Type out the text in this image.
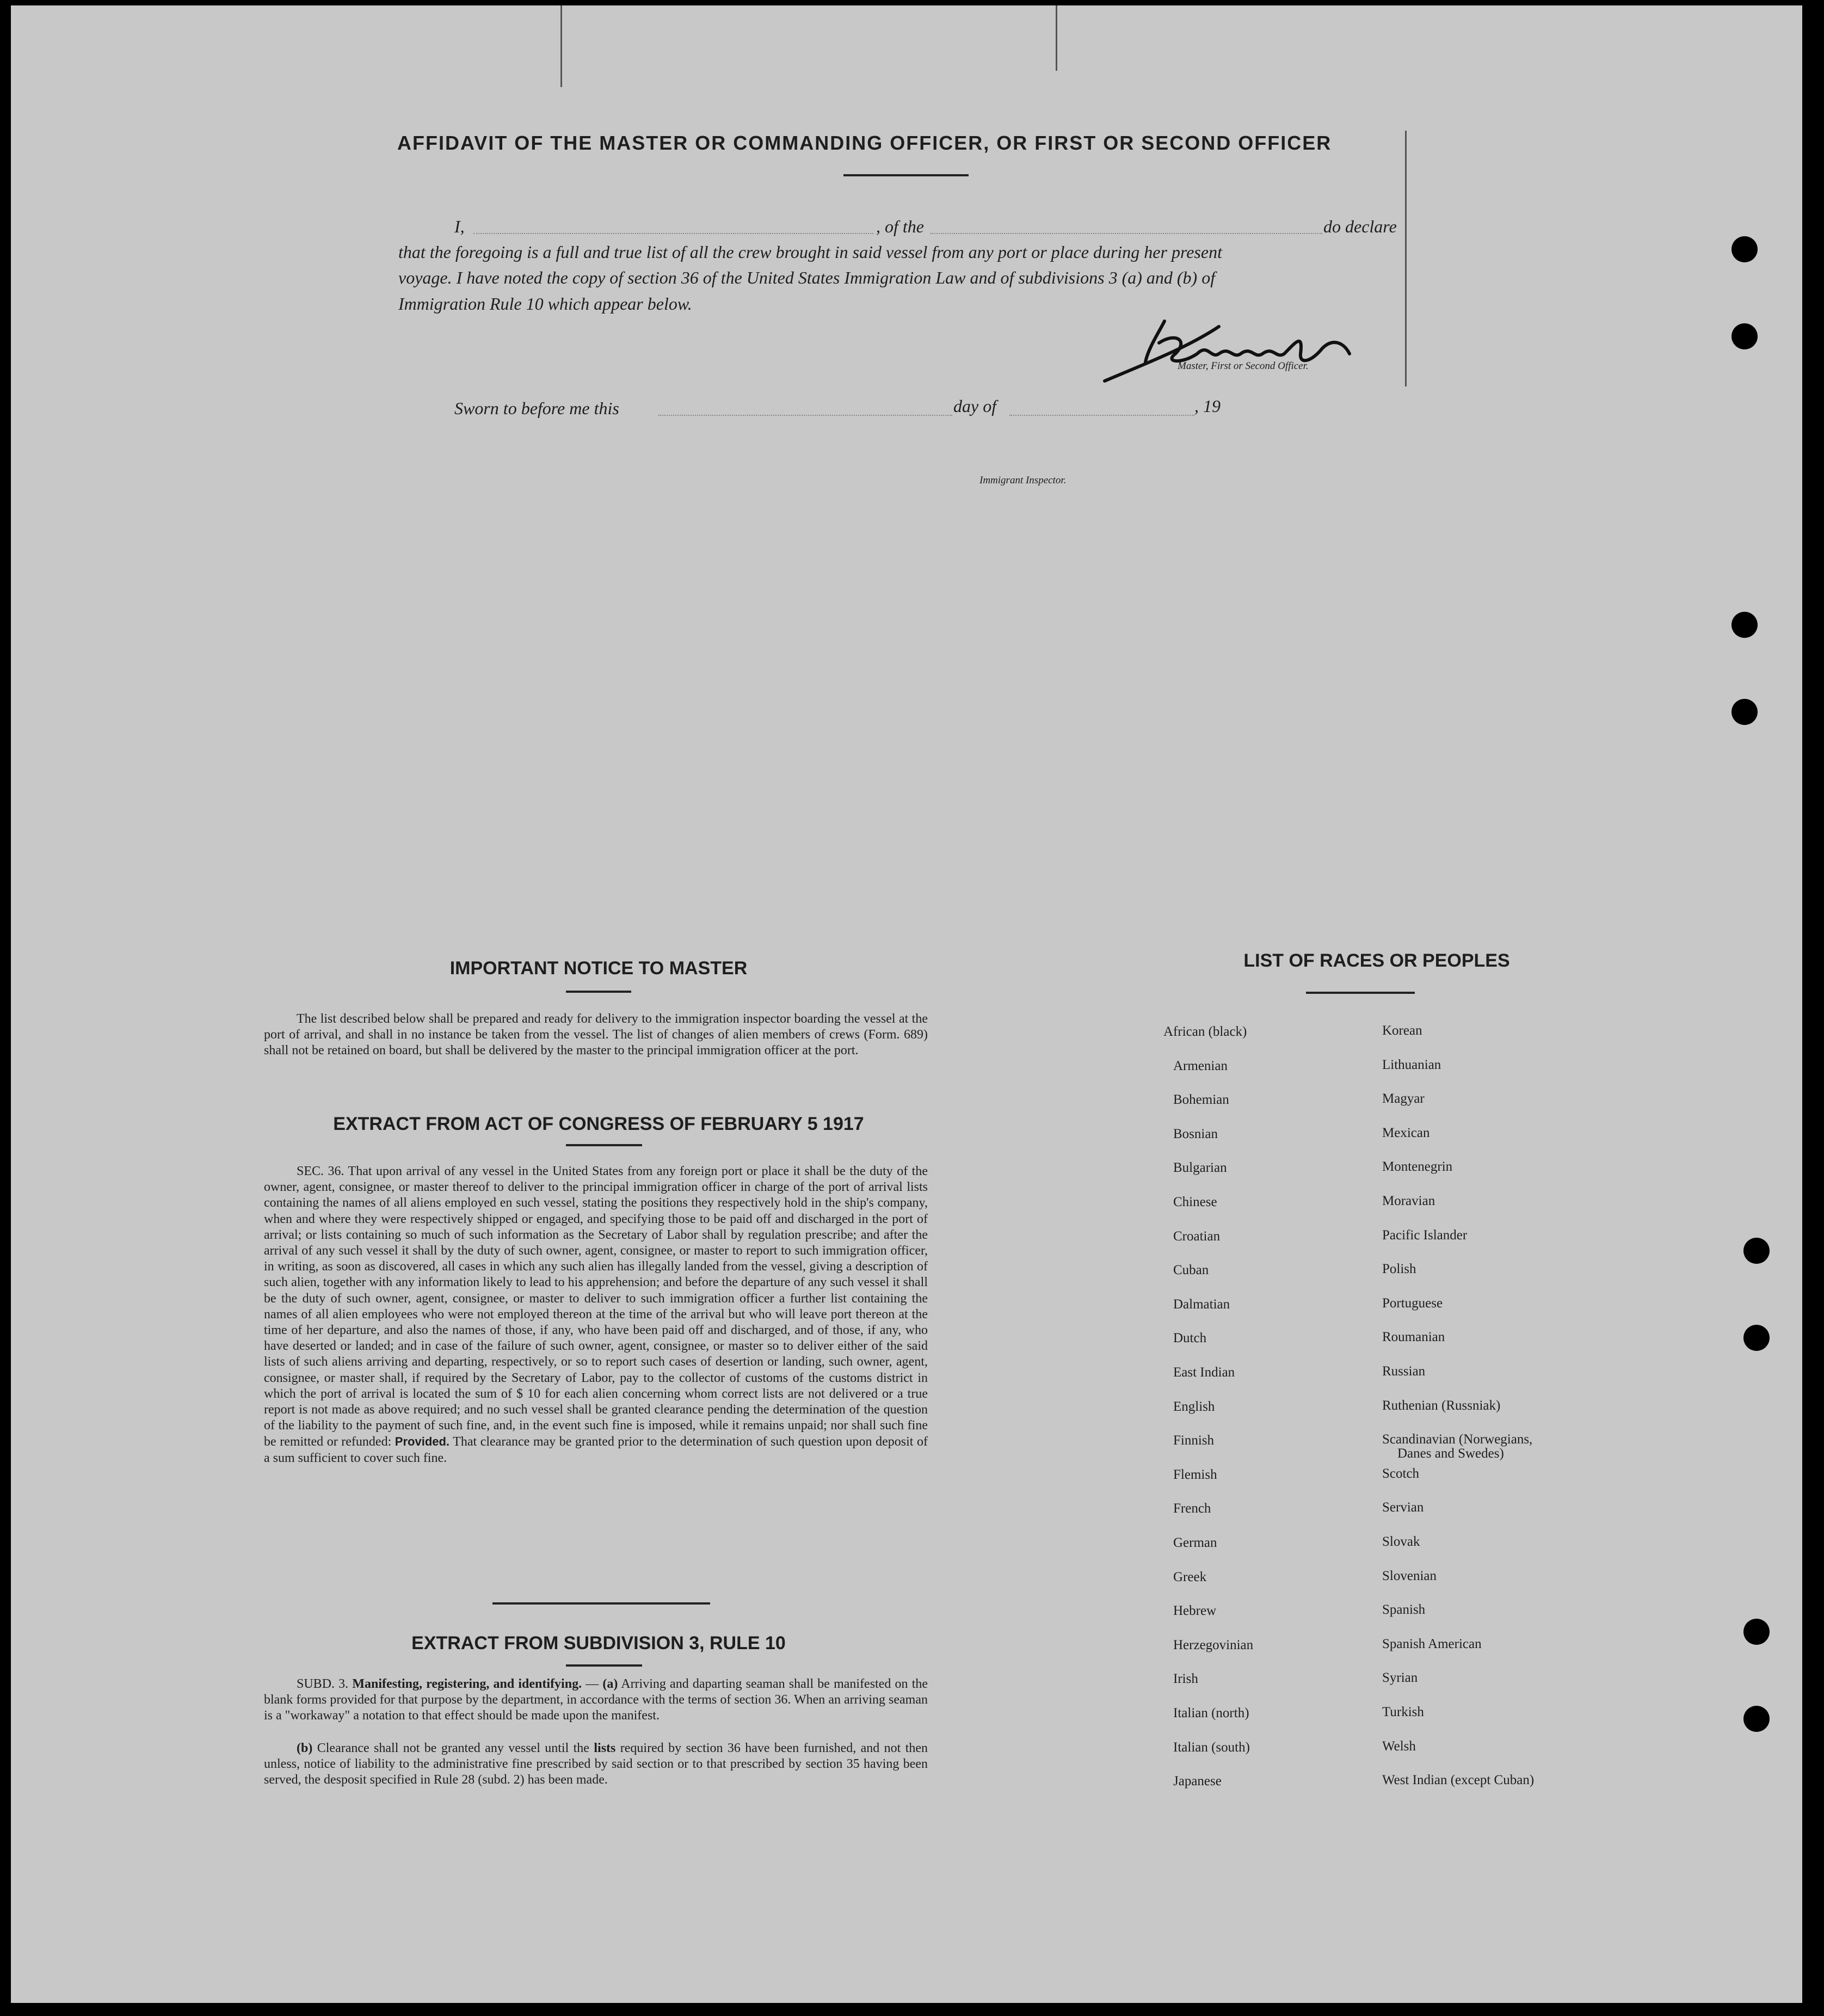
AFFIDAVIT OF THE MASTER OR COMMANDING OFFICER, OR FIRST OR SECOND OFFICER
I,	, of the	do declare
that the foregoing is a full and true list of all the crew brought in said vessel from any port or place during her present
voyage. I have noted the copy of section 36 of the United States Immigration Law and of subdivisions 3 (a) and (b) of
Immigration Rule 10 which appear below.
Master, First or Second Officer.
Sworn to before me this	day of	, 19
Immigrant Inspector.
IMPORTANT NOTICE TO MASTER
The list described below shall be prepared and ready for delivery to the immigration inspector boarding the vessel at the port of arrival, and shall in no instance be taken from the vessel. The list of changes of alien members of crews (Form. 689) shall not be retained on board, but shall be delivered by the master to the principal immigration officer at the port.
EXTRACT FROM ACT OF CONGRESS OF FEBRUARY 5 1917
SEC. 36. That upon arrival of any vessel in the United States from any foreign port or place it shall be the duty of the owner, agent, consignee, or master thereof to deliver to the principal immigration officer in charge of the port of arrival lists containing the names of all aliens employed en such vessel, stating the positions they respectively hold in the ship's company, when and where they were respectively shipped or engaged, and specifying those to be paid off and discharged in the port of arrival; or lists containing so much of such information as the Secretary of Labor shall by regulation prescribe; and after the arrival of any such vessel it shall by the duty of such owner, agent, consignee, or master to report to such immigration officer, in writing, as soon as discovered, all cases in which any such alien has illegally landed from the vessel, giving a description of such alien, together with any information likely to lead to his apprehension; and before the departure of any such vessel it shall be the duty of such owner, agent, consignee, or master to deliver to such immigration officer a further list containing the names of all alien employees who were not employed thereon at the time of the arrival but who will leave port thereon at the time of her departure, and also the names of those, if any, who have been paid off and discharged, and of those, if any, who have deserted or landed; and in case of the failure of such owner, agent, consignee, or master so to deliver either of the said lists of such aliens arriving and departing, respectively, or so to report such cases of desertion or landing, such owner, agent, consignee, or master shall, if required by the Secretary of Labor, pay to the collector of customs of the customs district in which the port of arrival is located the sum of $ 10 for each alien concerning whom correct lists are not delivered or a true report is not made as above required; and no such vessel shall be granted clearance pending the determination of the question of the liability to the payment of such fine, and, in the event such fine is imposed, while it remains unpaid; nor shall such fine be remitted or refunded: Provided. That clearance may be granted prior to the determination of such question upon deposit of a sum sufficient to cover such fine.
EXTRACT FROM SUBDIVISION 3, RULE 10
SUBD. 3. Manifesting, registering, and identifying. — (a) Arriving and daparting seaman shall be manifested on the blank forms provided for that purpose by the department, in accordance with the terms of section 36. When an arriving seaman is a "workaway" a notation to that effect should be made upon the manifest.
(b) Clearance shall not be granted any vessel until the lists required by section 36 have been furnished, and not then unless, notice of liability to the administrative fine prescribed by said section or to that prescribed by section 35 having been served, the desposit specified in Rule 28 (subd. 2) has been made.
LIST OF RACES OR PEOPLES
African (black)
Armenian
Bohemian
Bosnian
Bulgarian
Chinese
Croatian
Cuban
Dalmatian
Dutch
East Indian
English
Finnish
Flemish
French
German
Greek
Hebrew
Herzegovinian
Irish
Italian (north)
Italian (south)
Japanese
Korean
Lithuanian
Magyar
Mexican
Montenegrin
Moravian
Pacific Islander
Polish
Portuguese
Roumanian
Russian
Ruthenian (Russniak)
Scandinavian (Norwegians,
Danes and Swedes)
Scotch
Servian
Slovak
Slovenian
Spanish
Spanish American
Syrian
Turkish
Welsh
West Indian (except Cuban)
